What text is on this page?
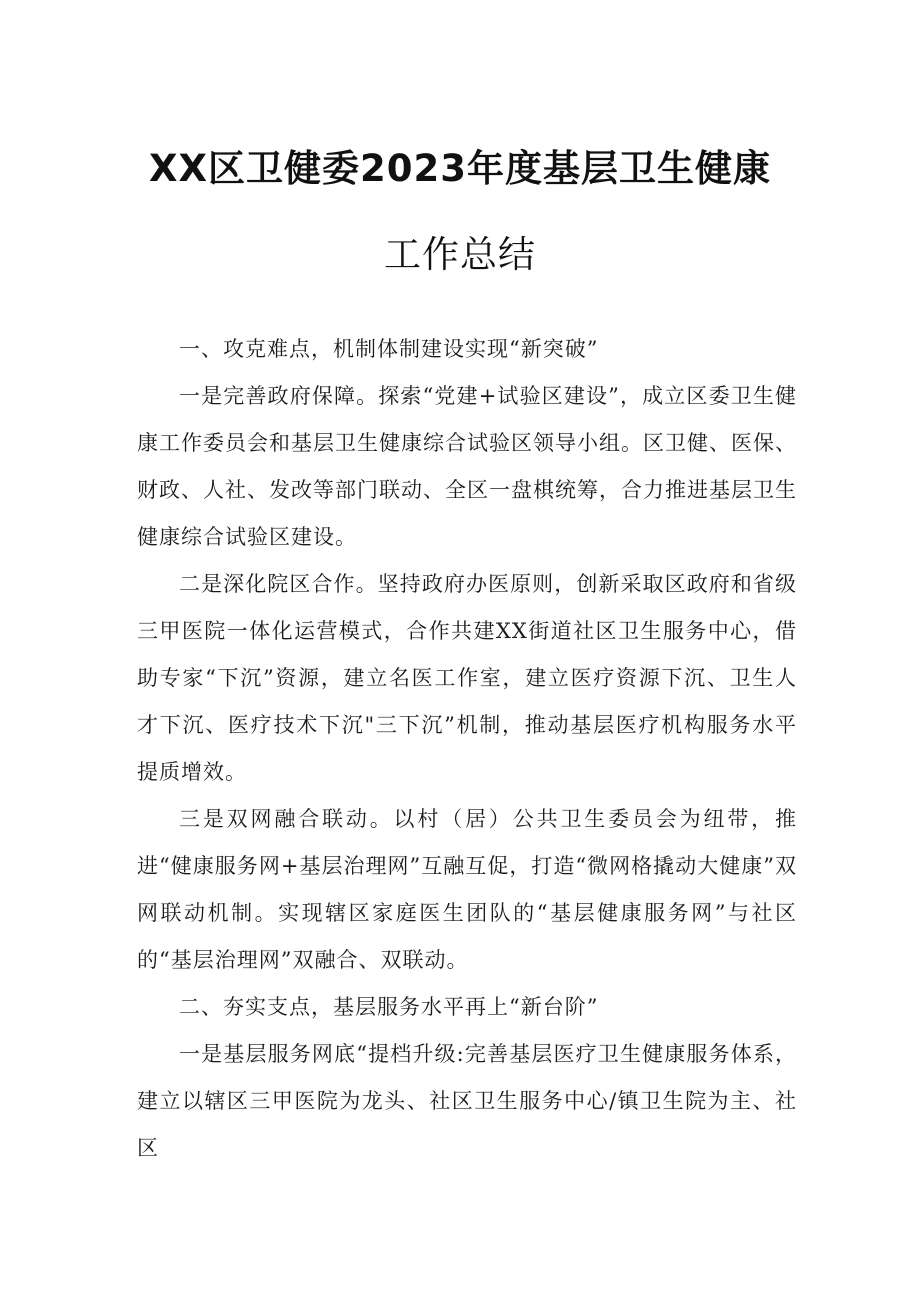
XX区卫健委2023年度基层卫生健康
工作总结

一、攻克难点，机制体制建设实现“新突破”

一是完善政府保障。探索“党建+试验区建设”，成立区委卫生健康工作委员会和基层卫生健康综合试验区领导小组。区卫健、医保、财政、人社、发改等部门联动、全区一盘棋统筹，合力推进基层卫生健康综合试验区建设。

二是深化院区合作。坚持政府办医原则，创新采取区政府和省级三甲医院一体化运营模式，合作共建XX街道社区卫生服务中心，借助专家“下沉”资源，建立名医工作室，建立医疗资源下沉、卫生人才下沉、医疗技术下沉"三下沉”机制，推动基层医疗机构服务水平提质增效。

三是双网融合联动。以村（居）公共卫生委员会为纽带，推进“健康服务网+基层治理网”互融互促，打造“微网格撬动大健康”双网联动机制。实现辖区家庭医生团队的“基层健康服务网”与社区的“基层治理网”双融合、双联动。

二、夯实支点，基层服务水平再上“新台阶”

一是基层服务网底“提档升级:完善基层医疗卫生健康服务体系，建立以辖区三甲医院为龙头、社区卫生服务中心/镇卫生院为主、社区
